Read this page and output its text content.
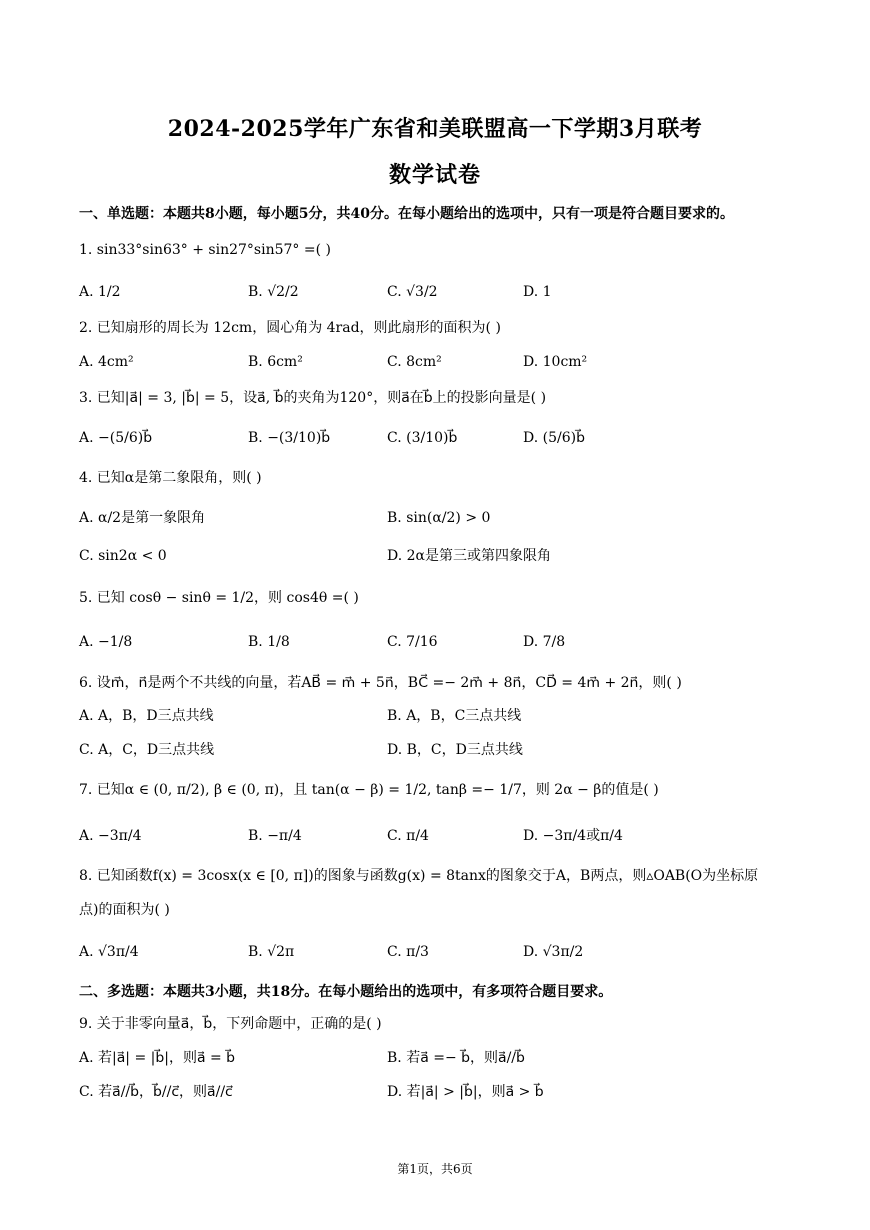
2024-2025学年广东省和美联盟高一下学期3月联考
数学试卷
一、单选题：本题共8小题，每小题5分，共40分。在每小题给出的选项中，只有一项是符合题目要求的。
1. sin33°sin63° + sin27°sin57° =( )
A. 1/2	B. √2/2	C. √3/2	D. 1
2. 已知扇形的周长为 12cm，圆心角为 4rad，则此扇形的面积为( )
A. 4cm²	B. 6cm²	C. 8cm²	D. 10cm²
3. 已知|a⃗| = 3, |b⃗| = 5，设a⃗, b⃗的夹角为120°，则a⃗在b⃗上的投影向量是( )
A. −(5/6)b⃗	B. −(3/10)b⃗	C. (3/10)b⃗	D. (5/6)b⃗
4. 已知α是第二象限角，则( )
A. α/2是第一象限角	B. sin(α/2) > 0
C. sin2α < 0	D. 2α是第三或第四象限角
5. 已知 cosθ − sinθ = 1/2，则 cos4θ =( )
A. −1/8	B. 1/8	C. 7/16	D. 7/8
6. 设m⃗，n⃗是两个不共线的向量，若AB⃗ = m⃗ + 5n⃗，BC⃗ =− 2m⃗ + 8n⃗，CD⃗ = 4m⃗ + 2n⃗，则( )
A. A，B，D三点共线	B. A，B，C三点共线
C. A，C，D三点共线	D. B，C，D三点共线
7. 已知α ∈ (0, π/2), β ∈ (0, π)，且 tan(α − β) = 1/2, tanβ =− 1/7，则 2α − β的值是( )
A. −3π/4	B. −π/4	C. π/4	D. −3π/4或π/4
8. 已知函数f(x) = 3cosx(x ∈ [0, π])的图象与函数g(x) = 8tanx的图象交于A，B两点，则▵OAB(O为坐标原
点)的面积为( )
A. √3π/4	B. √2π	C. π/3	D. √3π/2
二、多选题：本题共3小题，共18分。在每小题给出的选项中，有多项符合题目要求。
9. 关于非零向量a⃗，b⃗，下列命题中，正确的是( )
A. 若|a⃗| = |b⃗|，则a⃗ = b⃗	B. 若a⃗ =− b⃗，则a⃗//b⃗
C. 若a⃗//b⃗，b⃗//c⃗，则a⃗//c⃗	D. 若|a⃗| > |b⃗|，则a⃗ > b⃗
第1页，共6页
